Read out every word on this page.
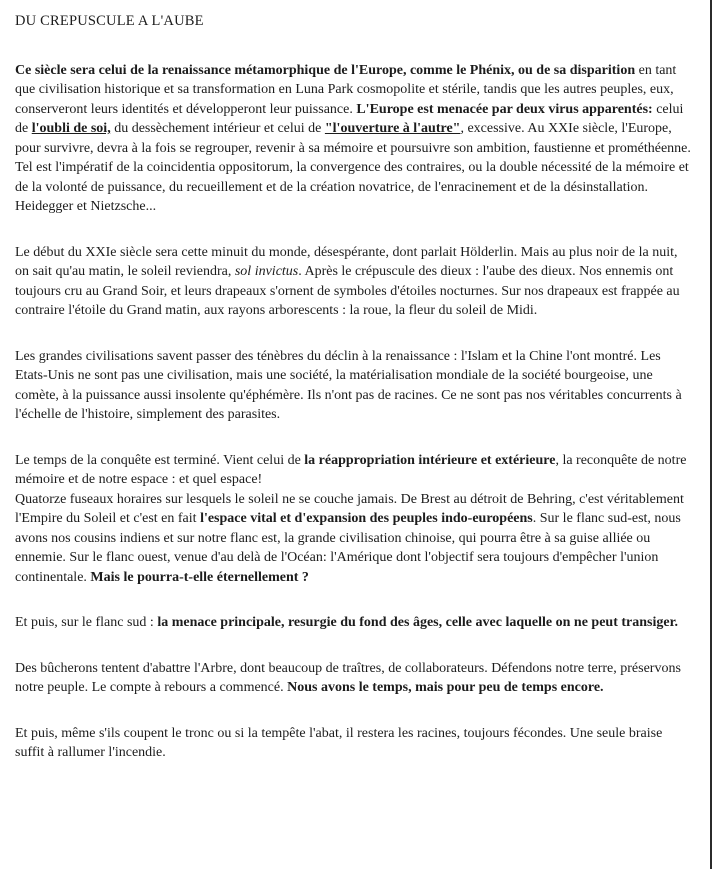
DU CREPUSCULE A L'AUBE

Ce siècle sera celui de la renaissance métamorphique de l'Europe, comme le Phénix, ou de sa disparition en tant que civilisation historique et sa transformation en Luna Park cosmopolite et stérile, tandis que les autres peuples, eux, conserveront leurs identités et développeront leur puissance. L'Europe est menacée par deux virus apparentés: celui de l'oubli de soi, du dessèchement intérieur et celui de "l'ouverture à l'autre", excessive. Au XXIe siècle, l'Europe, pour survivre, devra à la fois se regrouper, revenir à sa mémoire et poursuivre son ambition, faustienne et prométhéenne. Tel est l'impératif de la coincidentia oppositorum, la convergence des contraires, ou la double nécessité de la mémoire et de la volonté de puissance, du recueillement et de la création novatrice, de l'enracinement et de la désinstallation. Heidegger et Nietzsche...

Le début du XXIe siècle sera cette minuit du monde, désespérante, dont parlait Hölderlin. Mais au plus noir de la nuit, on sait qu'au matin, le soleil reviendra, sol invictus. Après le crépuscule des dieux : l'aube des dieux. Nos ennemis ont toujours cru au Grand Soir, et leurs drapeaux s'ornent de symboles d'étoiles nocturnes. Sur nos drapeaux est frappée au contraire l'étoile du Grand matin, aux rayons arborescents : la roue, la fleur du soleil de Midi.

Les grandes civilisations savent passer des ténèbres du déclin à la renaissance : l'Islam et la Chine l'ont montré. Les Etats-Unis ne sont pas une civilisation, mais une société, la matérialisation mondiale de la société bourgeoise, une comète, à la puissance aussi insolente qu'éphémère. Ils n'ont pas de racines. Ce ne sont pas nos véritables concurrents à l'échelle de l'histoire, simplement des parasites.

Le temps de la conquête est terminé. Vient celui de la réappropriation intérieure et extérieure, la reconquête de notre mémoire et de notre espace : et quel espace!
Quatorze fuseaux horaires sur lesquels le soleil ne se couche jamais. De Brest au détroit de Behring, c'est véritablement l'Empire du Soleil et c'est en fait l'espace vital et d'expansion des peuples indo-européens. Sur le flanc sud-est, nous avons nos cousins indiens et sur notre flanc est, la grande civilisation chinoise, qui pourra être à sa guise alliée ou ennemie. Sur le flanc ouest, venue d'au delà de l'Océan: l'Amérique dont l'objectif sera toujours d'empêcher l'union continentale. Mais le pourra-t-elle éternellement ?

Et puis, sur le flanc sud : la menace principale, resurgie du fond des âges, celle avec laquelle on ne peut transiger.

Des bûcherons tentent d'abattre l'Arbre, dont beaucoup de traîtres, de collaborateurs. Défendons notre terre, préservons notre peuple. Le compte à rebours a commencé. Nous avons le temps, mais pour peu de temps encore.

Et puis, même s'ils coupent le tronc ou si la tempête l'abat, il restera les racines, toujours fécondes. Une seule braise suffit à rallumer l'incendie.
